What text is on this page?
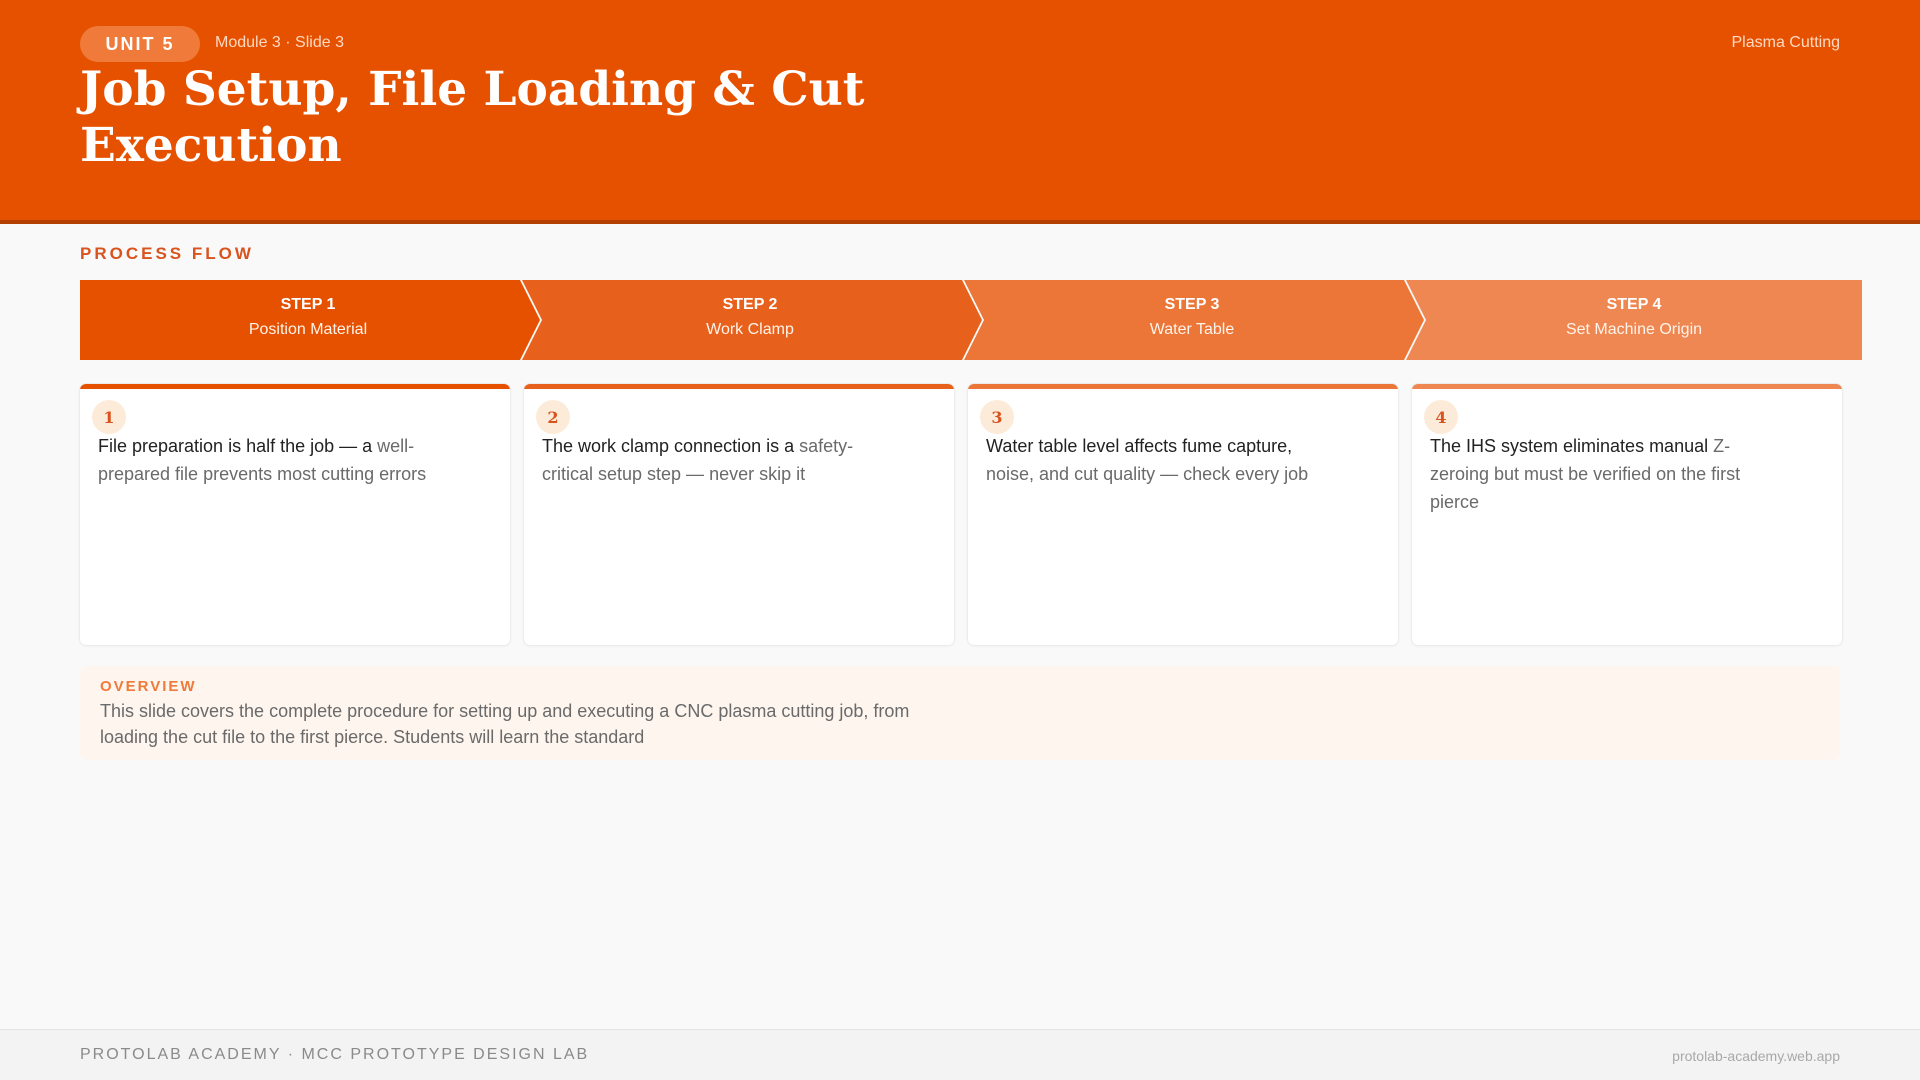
UNIT 5	Module 3 · Slide 3	Plasma Cutting
Job Setup, File Loading & Cut Execution
PROCESS FLOW
STEP 1
Position Material
STEP 2
Work Clamp
STEP 3
Water Table
STEP 4
Set Machine Origin
1
File preparation is half the job — a well-prepared file prevents most cutting errors
2
The work clamp connection is a safety-critical setup step — never skip it
3
Water table level affects fume capture, noise, and cut quality — check every job
4
The IHS system eliminates manual Z-zeroing but must be verified on the first pierce
OVERVIEW
This slide covers the complete procedure for setting up and executing a CNC plasma cutting job, from loading the cut file to the first pierce. Students will learn the standard
PROTOLAB ACADEMY · MCC PROTOTYPE DESIGN LAB	protolab-academy.web.app
